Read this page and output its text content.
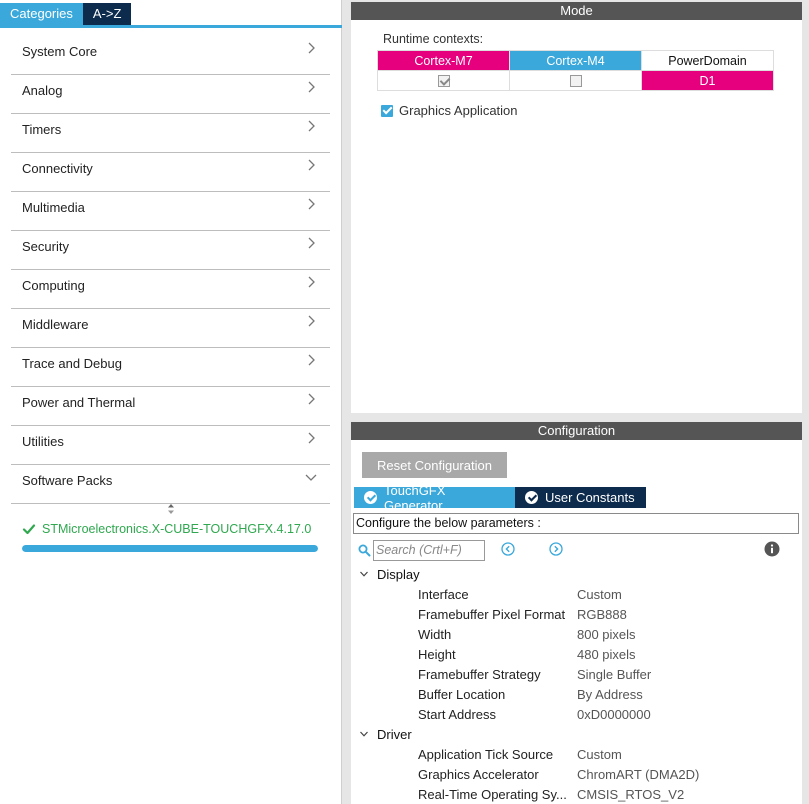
Categories	A->Z
System Core
Analog
Timers
Connectivity
Multimedia
Security
Computing
Middleware
Trace and Debug
Power and Thermal
Utilities
Software Packs
STMicroelectronics.X-CUBE-TOUCHGFX.4.17.0
Mode
Runtime contexts:
Cortex-M7	Cortex-M4	PowerDomain
		D1
Graphics Application
Configuration
Reset Configuration
TouchGFX Generator	User Constants
Configure the below parameters :
Search (Crtl+F)
Display
Interface	Custom
Framebuffer Pixel Format RGB888
Width	800 pixels
Height	480 pixels
Framebuffer Strategy	Single Buffer
Buffer Location	By Address
Start Address	0xD0000000
Driver
Application Tick Source	Custom
Graphics Accelerator	ChromART (DMA2D)
Real-Time Operating Sy... CMSIS_RTOS_V2
